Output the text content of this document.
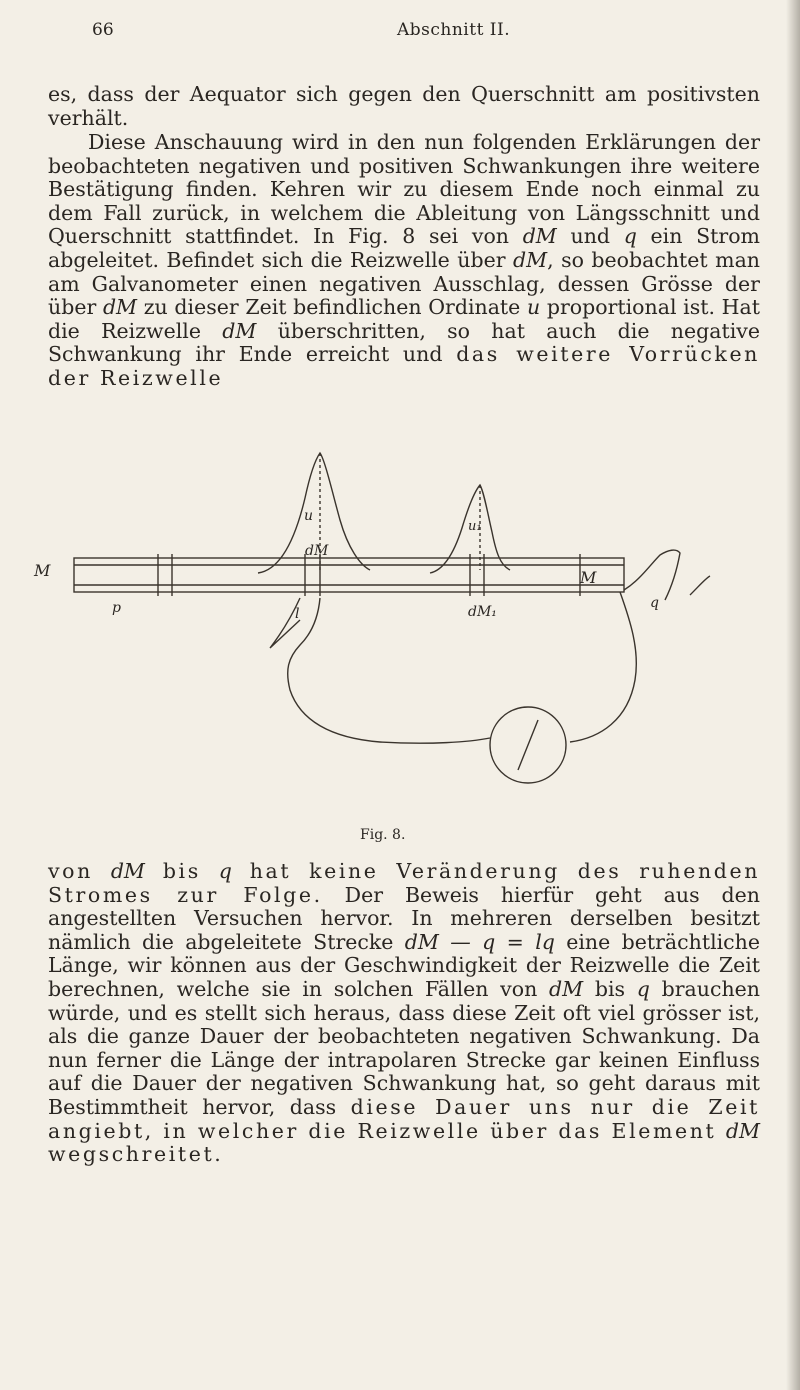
66	Abschnitt II.

es, dass der Aequator sich gegen den Querschnitt am positivsten verhält.

Diese Anschauung wird in den nun folgenden Erklärungen der beobachteten negativen und positiven Schwankungen ihre weitere Bestätigung finden. Kehren wir zu diesem Ende noch einmal zu dem Fall zurück, in welchem die Ableitung von Längsschnitt und Querschnitt stattfindet. In Fig. 8 sei von dM und q ein Strom abgeleitet. Befindet sich die Reizwelle über dM, so beobachtet man am Galvanometer einen negativen Ausschlag, dessen Grösse der über dM zu dieser Zeit befindlichen Ordinate u proportional ist. Hat die Reizwelle dM überschritten, so hat auch die negative Schwankung ihr Ende erreicht und das weitere Vorrücken der Reizwelle

M
u
dM
u₁
M
q
p	l	dM₁
Fig. 8.

von dM bis q hat keine Veränderung des ruhenden Stromes zur Folge. Der Beweis hierfür geht aus den angestellten Versuchen hervor. In mehreren derselben besitzt nämlich die abgeleitete Strecke dM — q = lq eine beträchtliche Länge, wir können aus der Geschwindigkeit der Reizwelle die Zeit berechnen, welche sie in solchen Fällen von dM bis q brauchen würde, und es stellt sich heraus, dass diese Zeit oft viel grösser ist, als die ganze Dauer der beobachteten negativen Schwankung. Da nun ferner die Länge der intrapolaren Strecke gar keinen Einfluss auf die Dauer der negativen Schwankung hat, so geht daraus mit Bestimmtheit hervor, dass diese Dauer uns nur die Zeit angiebt, in welcher die Reizwelle über das Element dM wegschreitet.
